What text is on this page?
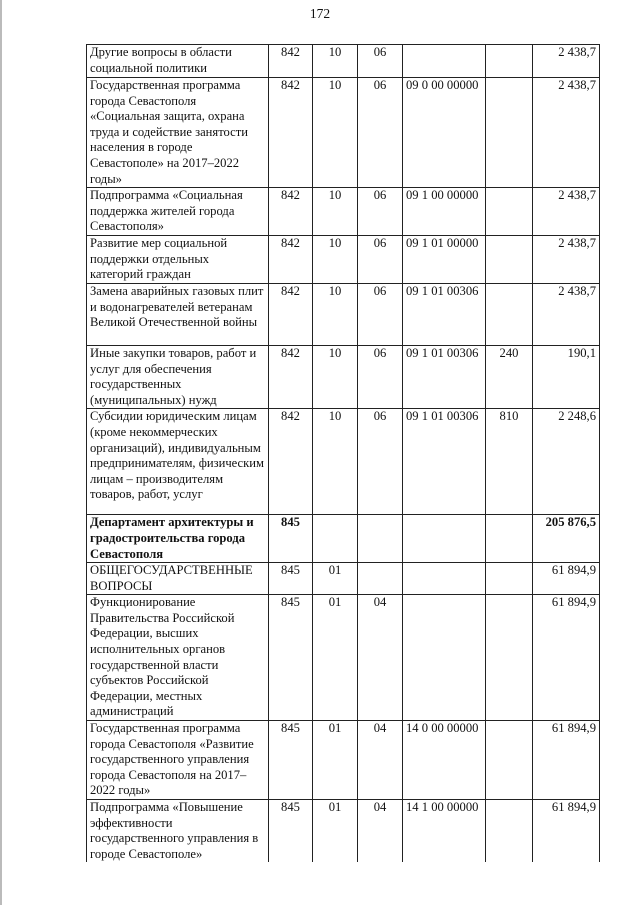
172
Другие вопросы в области социальной политики	842	10	06			2 438,7
Государственная программа города Севастополя «Социальная защита, охрана труда и содействие занятости населения в городе Севастополе» на 2017–2022 годы»	842	10	06	09 0 00 00000		2 438,7
Подпрограмма «Социальная поддержка жителей города Севастополя»	842	10	06	09 1 00 00000		2 438,7
Развитие мер социальной поддержки отдельных категорий граждан	842	10	06	09 1 01 00000		2 438,7
Замена аварийных газовых плит и водонагревателей ветеранам Великой Отечественной войны	842	10	06	09 1 01 00306		2 438,7
Иные закупки товаров, работ и услуг для обеспечения государственных (муниципальных) нужд	842	10	06	09 1 01 00306	240	190,1
Субсидии юридическим лицам (кроме некоммерческих организаций), индивидуальным предпринимателям, физическим лицам – производителям товаров, работ, услуг	842	10	06	09 1 01 00306	810	2 248,6
Департамент архитектуры и градостроительства города Севастополя	845					205 876,5
ОБЩЕГОСУДАРСТВЕННЫЕ ВОПРОСЫ	845	01				61 894,9
Функционирование Правительства Российской Федерации, высших исполнительных органов государственной власти субъектов Российской Федерации, местных администраций	845	01	04			61 894,9
Государственная программа города Севастополя «Развитие государственного управления города Севастополя на 2017–2022 годы»	845	01	04	14 0 00 00000		61 894,9
Подпрограмма «Повышение эффективности государственного управления в городе Севастополе»	845	01	04	14 1 00 00000		61 894,9
